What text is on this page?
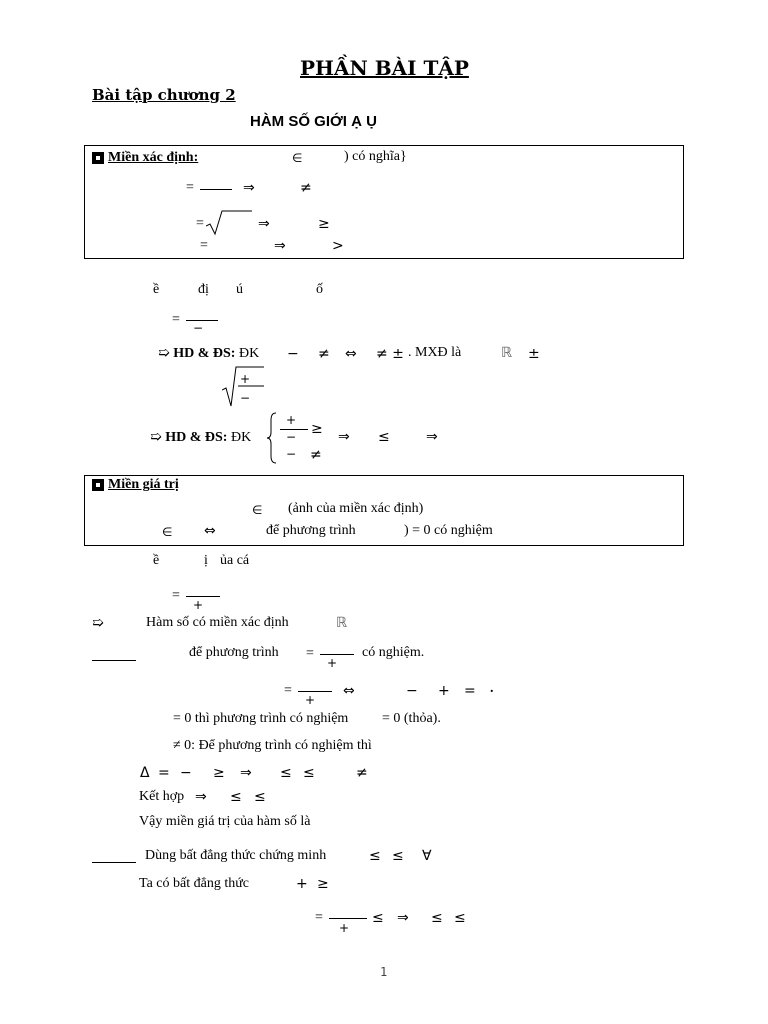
PHẦN BÀI TẬP
Bài tập chương 2
HÀM SỐ GIỚI Ạ Ụ
Miền xác định:	∈	) có nghĩa}
=	⇒	≠
=	⇒	≥
=	⇒	>
ề	đị ú	ố
=
−
➯ HD & ĐS: ĐK − ≠ ⇔ ≠ ± . MXĐ là	ℝ ±
+
−
➯ HD & ĐS: ĐK
+
− ≥
− ≠
⇒ ≤	⇒
Miền giá trị
∈ (ảnh của miền xác định)
∈ ⇔	để phương trình	) = 0 có nghiệm
ề	ị ủa cá
=
+
➯	Hàm số có miền xác định	ℝ
để phương trình =
+
có nghiệm.
=
+
⇔	− + = .
= 0 thì phương trình có nghiệm = 0 (thỏa).
≠ 0: Để phương trình có nghiệm thì
Δ = − ≥ ⇒ ≤ ≤	≠
Kết hợp ⇒ ≤ ≤
Vậy miền giá trị của hàm số là
Dùng bất đẳng thức chứng minh	≤ ≤ ∀
Ta có bất đẳng thức	+ ≥
=
+
≤ ⇒ ≤ ≤
1
